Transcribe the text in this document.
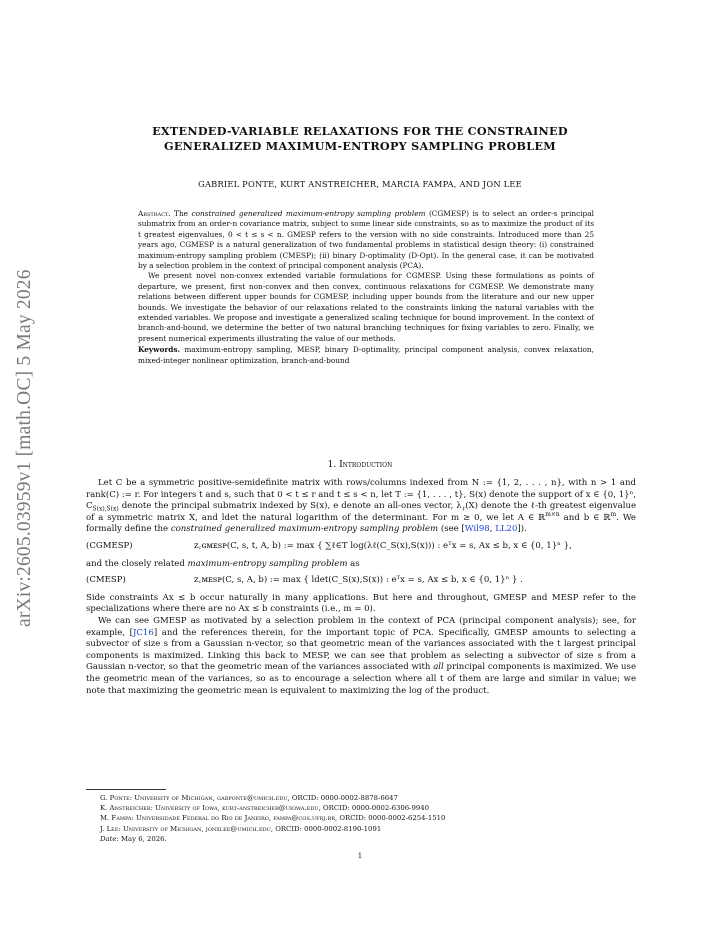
arXiv:2605.03959v1 [math.OC] 5 May 2026
EXTENDED-VARIABLE RELAXATIONS FOR THE CONSTRAINED
GENERALIZED MAXIMUM-ENTROPY SAMPLING PROBLEM
GABRIEL PONTE, KURT ANSTREICHER, MARCIA FAMPA, AND JON LEE

Abstract. The constrained generalized maximum-entropy sampling problem (CGMESP) is to select an order-s principal submatrix from an order-n covariance matrix, subject to some linear side constraints, so as to maximize the product of its t greatest eigenvalues, 0 < t ≤ s < n. GMESP refers to the version with no side constraints. Introduced more than 25 years ago, CGMESP is a natural generalization of two fundamental problems in statistical design theory: (i) constrained maximum-entropy sampling problem (CMESP); (ii) binary D-optimality (D-Opt). In the general case, it can be motivated by a selection problem in the context of principal component analysis (PCA).

We present novel non-convex extended variable formulations for CGMESP. Using these formulations as points of departure, we present, first non-convex and then convex, continuous relaxations for CGMESP. We demonstrate many relations between different upper bounds for CGMESP, including upper bounds from the literature and our new upper bounds. We investigate the behavior of our relaxations related to the constraints linking the natural variables with the extended variables. We propose and investigate a generalized scaling technique for bound improvement. In the context of branch-and-bound, we determine the better of two natural branching techniques for fixing variables to zero. Finally, we present numerical experiments illustrating the value of our methods.

Keywords. maximum-entropy sampling, MESP, binary D-optimality, principal component analysis, convex relaxation, mixed-integer nonlinear optimization, branch-and-bound

1. Introduction

Let C be a symmetric positive-semidefinite matrix with rows/columns indexed from N := {1, 2, . . . , n}, with n > 1 and rank(C) := r. For integers t and s, such that 0 < t ≤ r and t ≤ s < n, let T := {1, . . . , t}, S(x) denote the support of x ∈ {0, 1}ⁿ, $C_{S(x),S(x)}$ denote the principal submatrix indexed by S(x), e denote an all-ones vector, $\lambda_\ell(X)$ denote the ℓ-th greatest eigenvalue of a symmetric matrix X, and ldet the natural logarithm of the determinant. For m ≥ 0, we let A ∈ ℝ$^{m\times n}$ and b ∈ ℝ$^m$. We formally define the constrained generalized maximum-entropy sampling problem (see [Wil98, LL20]).

(CGMESP)	z꜀ɢᴍᴇꜱᴘ(C, s, t, A, b) := max { ∑ℓ∈T log(λℓ(C_S(x),S(x))) : eᵀx = s, Ax ≤ b, x ∈ {0, 1}ⁿ },

and the closely related maximum-entropy sampling problem as

(CMESP)	z꜀ᴍᴇꜱᴘ(C, s, A, b) := max { ldet(C_S(x),S(x)) : eᵀx = s, Ax ≤ b, x ∈ {0, 1}ⁿ } .

Side constraints Ax ≤ b occur naturally in many applications. But here and throughout, GMESP and MESP refer to the specializations where there are no Ax ≤ b constraints (i.e., m = 0).

We can see GMESP as motivated by a selection problem in the context of PCA (principal component analysis); see, for example, [JC16] and the references therein, for the important topic of PCA. Specifically, GMESP amounts to selecting a subvector of size s from a Gaussian n-vector, so that geometric mean of the variances associated with the t largest principal components is maximized. Linking this back to MESP, we can see that problem as selecting a subvector of size s from a Gaussian n-vector, so that the geometric mean of the variances associated with all principal components is maximized. We use the geometric mean of the variances, so as to encourage a selection where all t of them are large and similar in value; we note that maximizing the geometric mean is equivalent to maximizing the log of the product.

G. Ponte: University of Michigan, gabponte@umich.edu, ORCID: 0000-0002-8878-6647
K. Anstreicher: University of Iowa, kurt-anstreicher@uiowa.edu, ORCID: 0000-0002-6306-9940
M. Fampa: Universidade Federal do Rio de Janeiro, fampa@cos.ufrj.br, ORCID: 0000-0002-6254-1510
J. Lee: University of Michigan, jonxlee@umich.edu, ORCID: 0000-0002-8190-1091
Date: May 6, 2026.
1
